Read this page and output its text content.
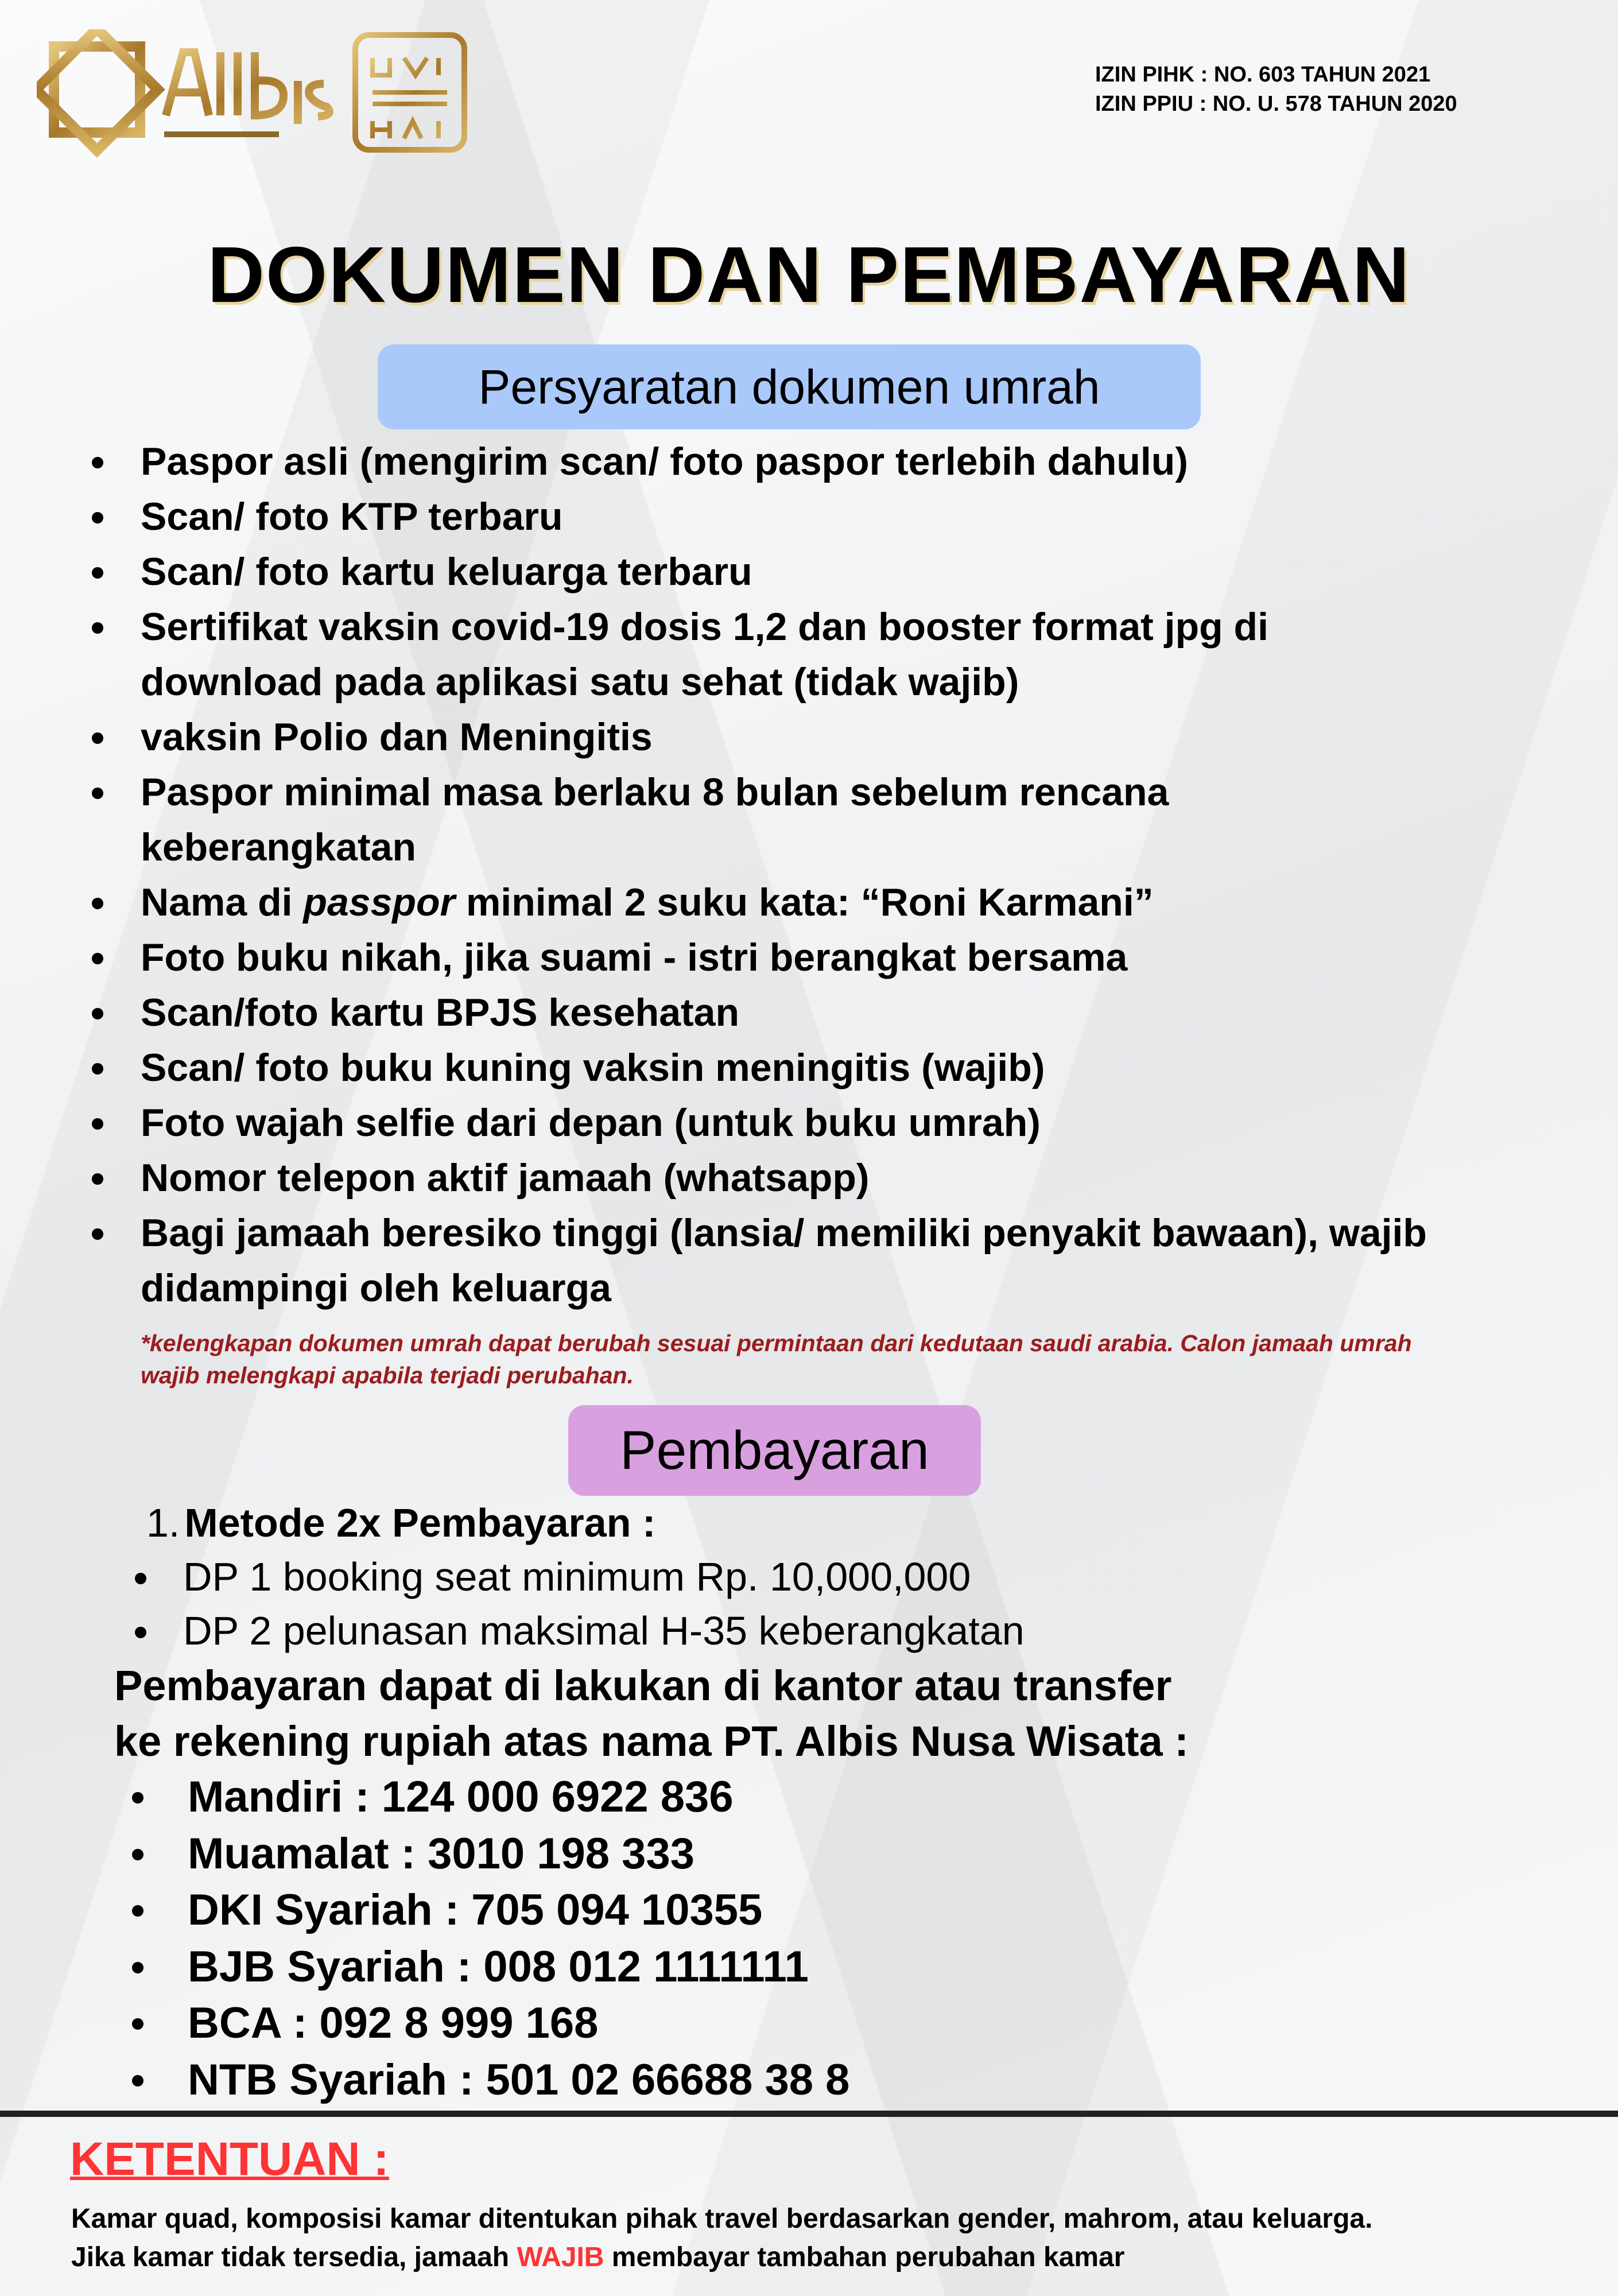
IZIN PIHK : NO. 603 TAHUN 2021
IZIN PPIU : NO. U. 578 TAHUN 2020
DOKUMEN DAN PEMBAYARAN
Persyaratan dokumen umrah
Paspor asli (mengirim scan/ foto paspor terlebih dahulu)
Scan/ foto KTP terbaru
Scan/ foto kartu keluarga terbaru
Sertifikat vaksin covid-19 dosis 1,2 dan booster format jpg di download pada aplikasi satu sehat (tidak wajib)
vaksin Polio dan Meningitis
Paspor minimal masa berlaku 8 bulan sebelum rencana keberangkatan
Nama di passpor minimal 2 suku kata: “Roni Karmani”
Foto buku nikah, jika suami - istri berangkat bersama
Scan/foto kartu BPJS kesehatan
Scan/ foto buku kuning vaksin meningitis (wajib)
Foto wajah selfie dari depan (untuk buku umrah)
Nomor telepon aktif jamaah (whatsapp)
Bagi jamaah beresiko tinggi (lansia/ memiliki penyakit bawaan), wajib didampingi oleh keluarga
*kelengkapan dokumen umrah dapat berubah sesuai permintaan dari kedutaan saudi arabia. Calon jamaah umrah wajib melengkapi apabila terjadi perubahan.
Pembayaran
1. Metode 2x Pembayaran :
DP 1 booking seat minimum Rp. 10,000,000
DP 2 pelunasan maksimal H-35 keberangkatan
Pembayaran dapat di lakukan di kantor atau transfer
ke rekening rupiah atas nama PT. Albis Nusa Wisata :
Mandiri : 124 000 6922 836
Muamalat : 3010 198 333
DKI Syariah : 705 094 10355
BJB Syariah : 008 012 1111111
BCA : 092 8 999 168
NTB Syariah : 501 02 66688 38 8
KETENTUAN :
Kamar quad, komposisi kamar ditentukan pihak travel berdasarkan gender, mahrom, atau keluarga.
Jika kamar tidak tersedia, jamaah WAJIB membayar tambahan perubahan kamar
